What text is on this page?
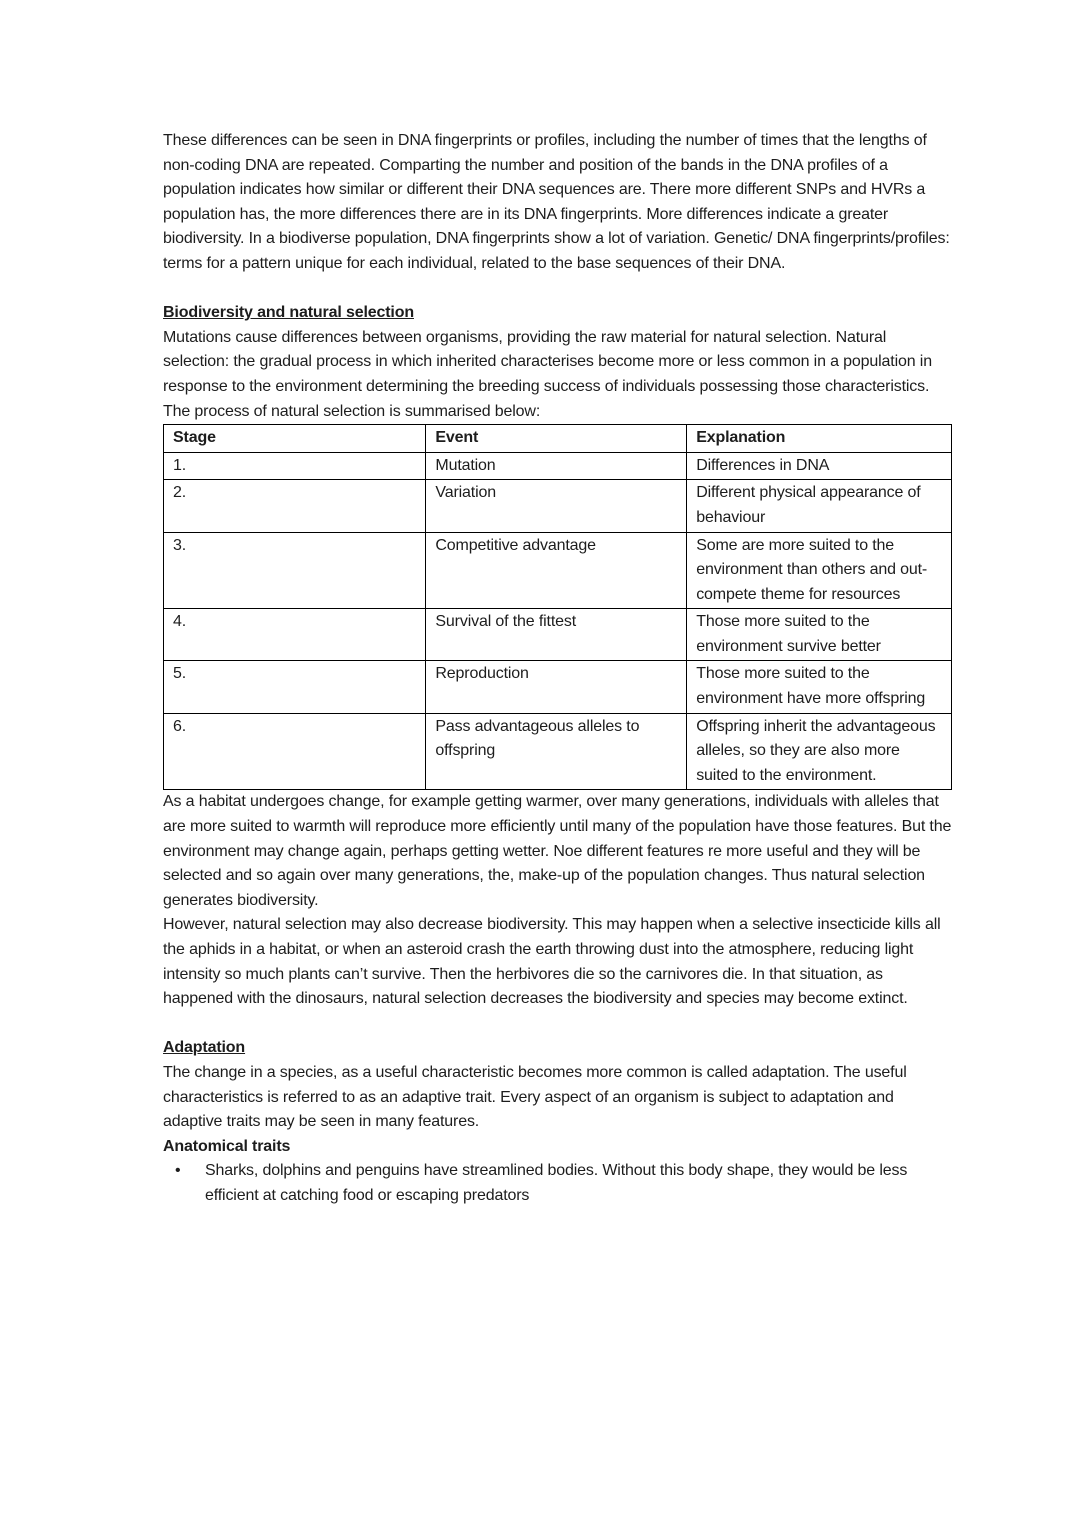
These differences can be seen in DNA fingerprints or profiles, including the number of times that the lengths of non-coding DNA are repeated. Comparting the number and position of the bands in the DNA profiles of a population indicates how similar or different their DNA sequences are. There more different SNPs and HVRs a population has, the more differences there are in its DNA fingerprints. More differences indicate a greater biodiversity. In a biodiverse population, DNA fingerprints show a lot of variation. Genetic/ DNA fingerprints/profiles: terms for a pattern unique for each individual, related to the base sequences of their DNA.

Biodiversity and natural selection

Mutations cause differences between organisms, providing the raw material for natural selection. Natural selection: the gradual process in which inherited characterises become more or less common in a population in response to the environment determining the breeding success of individuals possessing those characteristics. The process of natural selection is summarised below:

Stage	Event	Explanation
1.	Mutation	Differences in DNA
2.	Variation	Different physical appearance of behaviour
3.	Competitive advantage	Some are more suited to the environment than others and out-compete theme for resources
4.	Survival of the fittest	Those more suited to the environment survive better
5.	Reproduction	Those more suited to the environment have more offspring
6.	Pass advantageous alleles to offspring	Offspring inherit the advantageous alleles, so they are also more suited to the environment.

As a habitat undergoes change, for example getting warmer, over many generations, individuals with alleles that are more suited to warmth will reproduce more efficiently until many of the population have those features. But the environment may change again, perhaps getting wetter. Noe different features re more useful and they will be selected and so again over many generations, the, make-up of the population changes. Thus natural selection generates biodiversity.

However, natural selection may also decrease biodiversity. This may happen when a selective insecticide kills all the aphids in a habitat, or when an asteroid crash the earth throwing dust into the atmosphere, reducing light intensity so much plants can’t survive. Then the herbivores die so the carnivores die. In that situation, as happened with the dinosaurs, natural selection decreases the biodiversity and species may become extinct.

Adaptation

The change in a species, as a useful characteristic becomes more common is called adaptation. The useful characteristics is referred to as an adaptive trait. Every aspect of an organism is subject to adaptation and adaptive traits may be seen in many features.

Anatomical traits
•	Sharks, dolphins and penguins have streamlined bodies. Without this body shape, they would be less efficient at catching food or escaping predators
